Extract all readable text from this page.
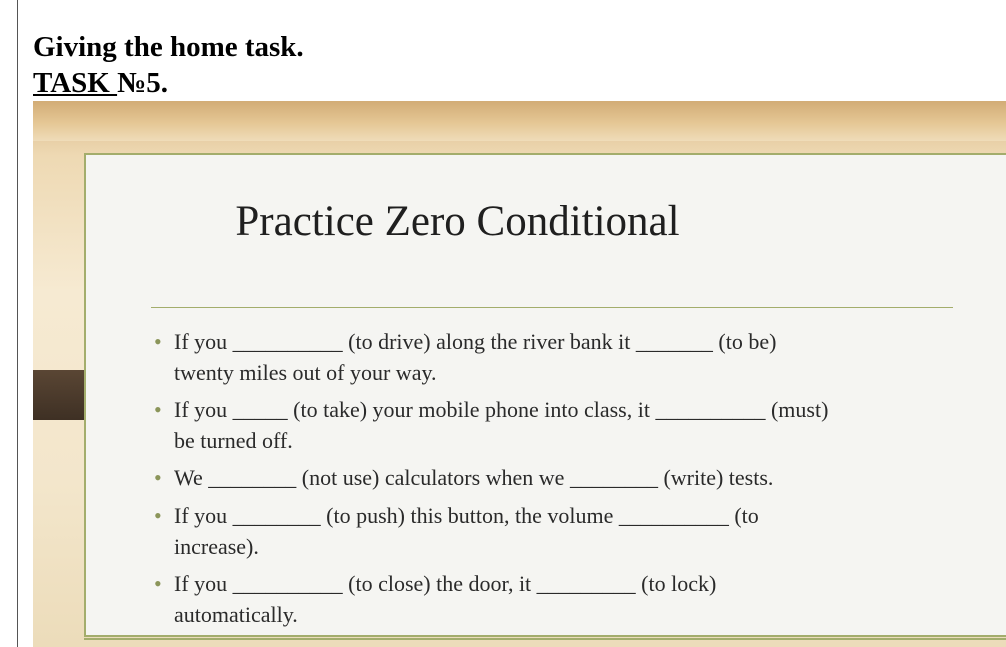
Giving the home task.
TASK №5.
Practice Zero Conditional
• If you __________ (to drive) along the river bank it _______ (to be)
twenty miles out of your way.
• If you _____ (to take) your mobile phone into class, it __________ (must)
be turned off.
• We ________ (not use) calculators when we ________ (write) tests.
• If you ________ (to push) this button, the volume __________ (to
increase).
• If you __________ (to close) the door, it _________ (to lock)
automatically.
